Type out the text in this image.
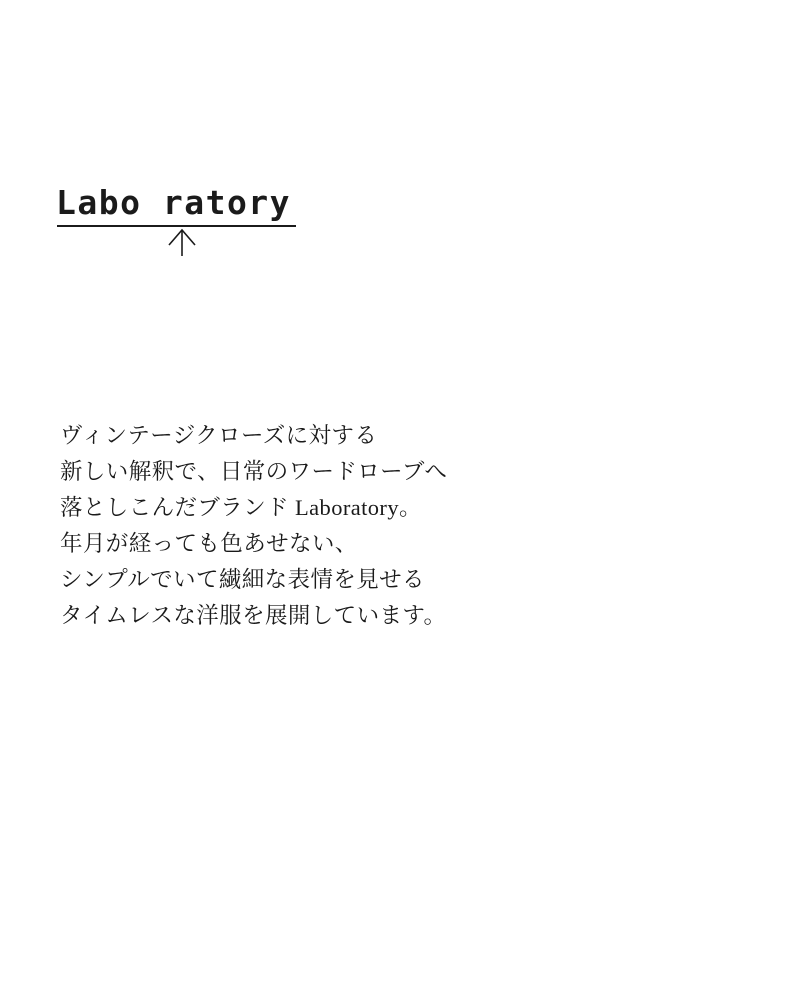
Labo ratory
ヴィンテージクローズに対する
新しい解釈で、日常のワードローブへ
落としこんだブランド Laboratory。
年月が経っても色あせない、
シンプルでいて繊細な表情を見せる
タイムレスな洋服を展開しています。
